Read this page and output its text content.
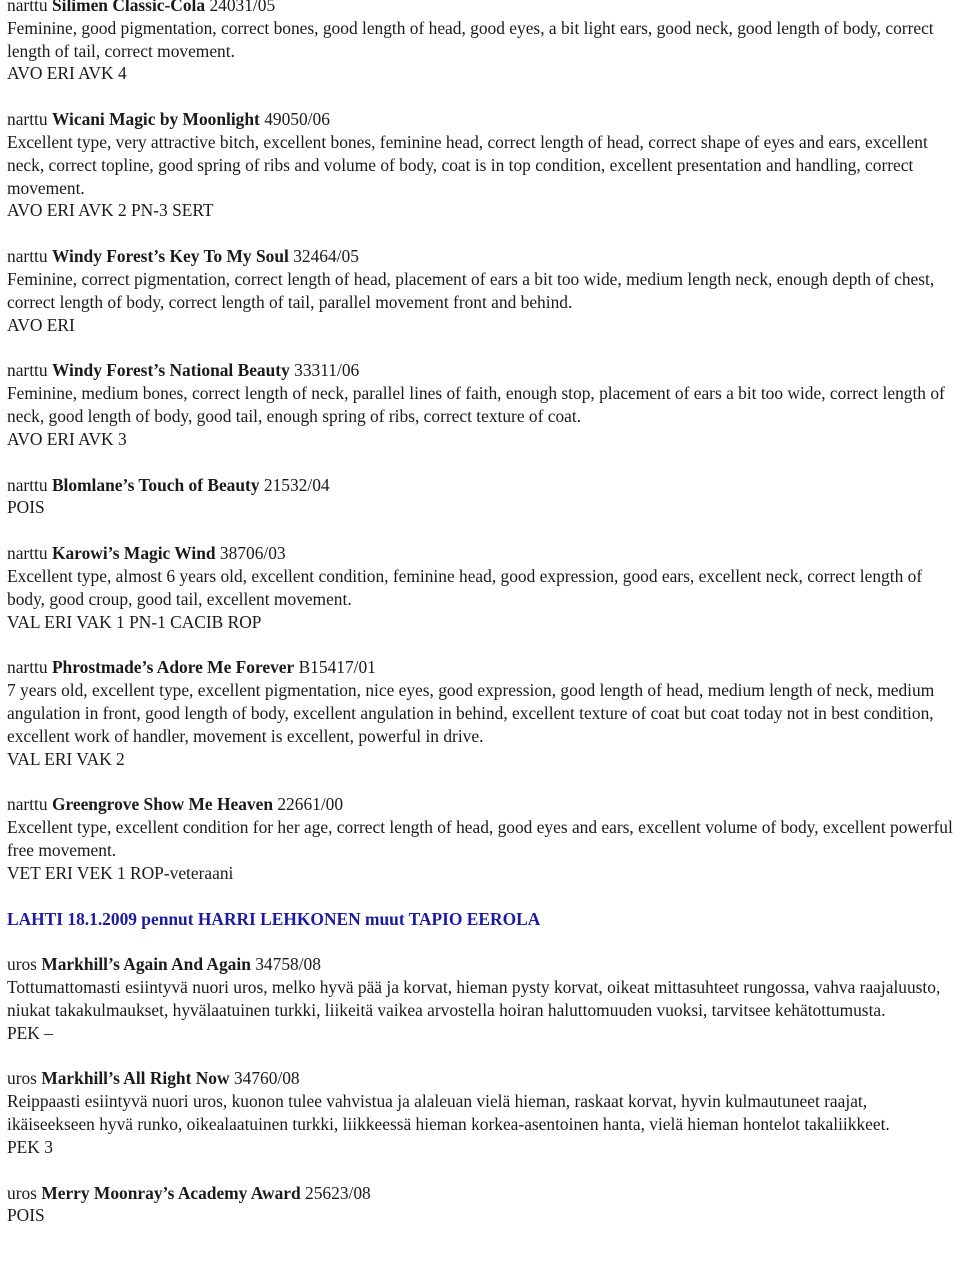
narttu Silimen Classic-Cola 24031/05
Feminine, good pigmentation, correct bones, good length of head, good eyes, a bit light ears, good neck, good length of body, correct length of tail, correct movement.
AVO ERI AVK 4
narttu Wicani Magic by Moonlight 49050/06
Excellent type, very attractive bitch, excellent bones, feminine head, correct length of head, correct shape of eyes and ears, excellent neck, correct topline, good spring of ribs and volume of body, coat is in top condition, excellent presentation and handling, correct movement.
AVO ERI AVK 2 PN-3 SERT
narttu Windy Forest’s Key To My Soul 32464/05
Feminine, correct pigmentation, correct length of head, placement of ears a bit too wide, medium length neck, enough depth of chest, correct length of body, correct length of tail, parallel movement front and behind.
AVO ERI
narttu Windy Forest’s National Beauty 33311/06
Feminine, medium bones, correct length of neck, parallel lines of faith, enough stop, placement of ears a bit too wide, correct length of neck, good length of body, good tail, enough spring of ribs, correct texture of coat.
AVO ERI AVK 3
narttu Blomlane’s Touch of Beauty 21532/04
POIS
narttu Karowi’s Magic Wind 38706/03
Excellent type, almost 6 years old, excellent condition, feminine head, good expression, good ears, excellent neck, correct length of body, good croup, good tail, excellent movement.
VAL ERI VAK 1 PN-1 CACIB ROP
narttu Phrostmade’s Adore Me Forever B15417/01
7 years old, excellent type, excellent pigmentation, nice eyes, good expression, good length of head, medium length of neck, medium angulation in front, good length of body, excellent angulation in behind, excellent texture of coat but coat today not in best condition, excellent work of handler, movement is excellent, powerful in drive.
VAL ERI VAK 2
narttu Greengrove Show Me Heaven 22661/00
Excellent type, excellent condition for her age, correct length of head, good eyes and ears, excellent volume of body, excellent powerful free movement.
VET ERI VEK 1 ROP-veteraani
LAHTI 18.1.2009 pennut HARRI LEHKONEN muut TAPIO EEROLA
uros Markhill’s Again And Again 34758/08
Tottumattomasti esiintyvä nuori uros, melko hyvä pää ja korvat, hieman pysty korvat, oikeat mittasuhteet rungossa, vahva raajaluusto, niukat takakulmaukset, hyvälaatuinen turkki, liikeitä vaikea arvostella hoiran haluttomuuden vuoksi, tarvitsee kehätottumusta.
PEK –
uros Markhill’s All Right Now 34760/08
Reippaasti esiintyvä nuori uros, kuonon tulee vahvistua ja alaleuan vielä hieman, raskaat korvat, hyvin kulmautuneet raajat, ikäiseekseen hyvä runko, oikealaatuinen turkki, liikkeessä hieman korkea-asentoinen hanta, vielä hieman hontelot takaliikkeet.
PEK 3
uros Merry Moonray’s Academy Award 25623/08
POIS
